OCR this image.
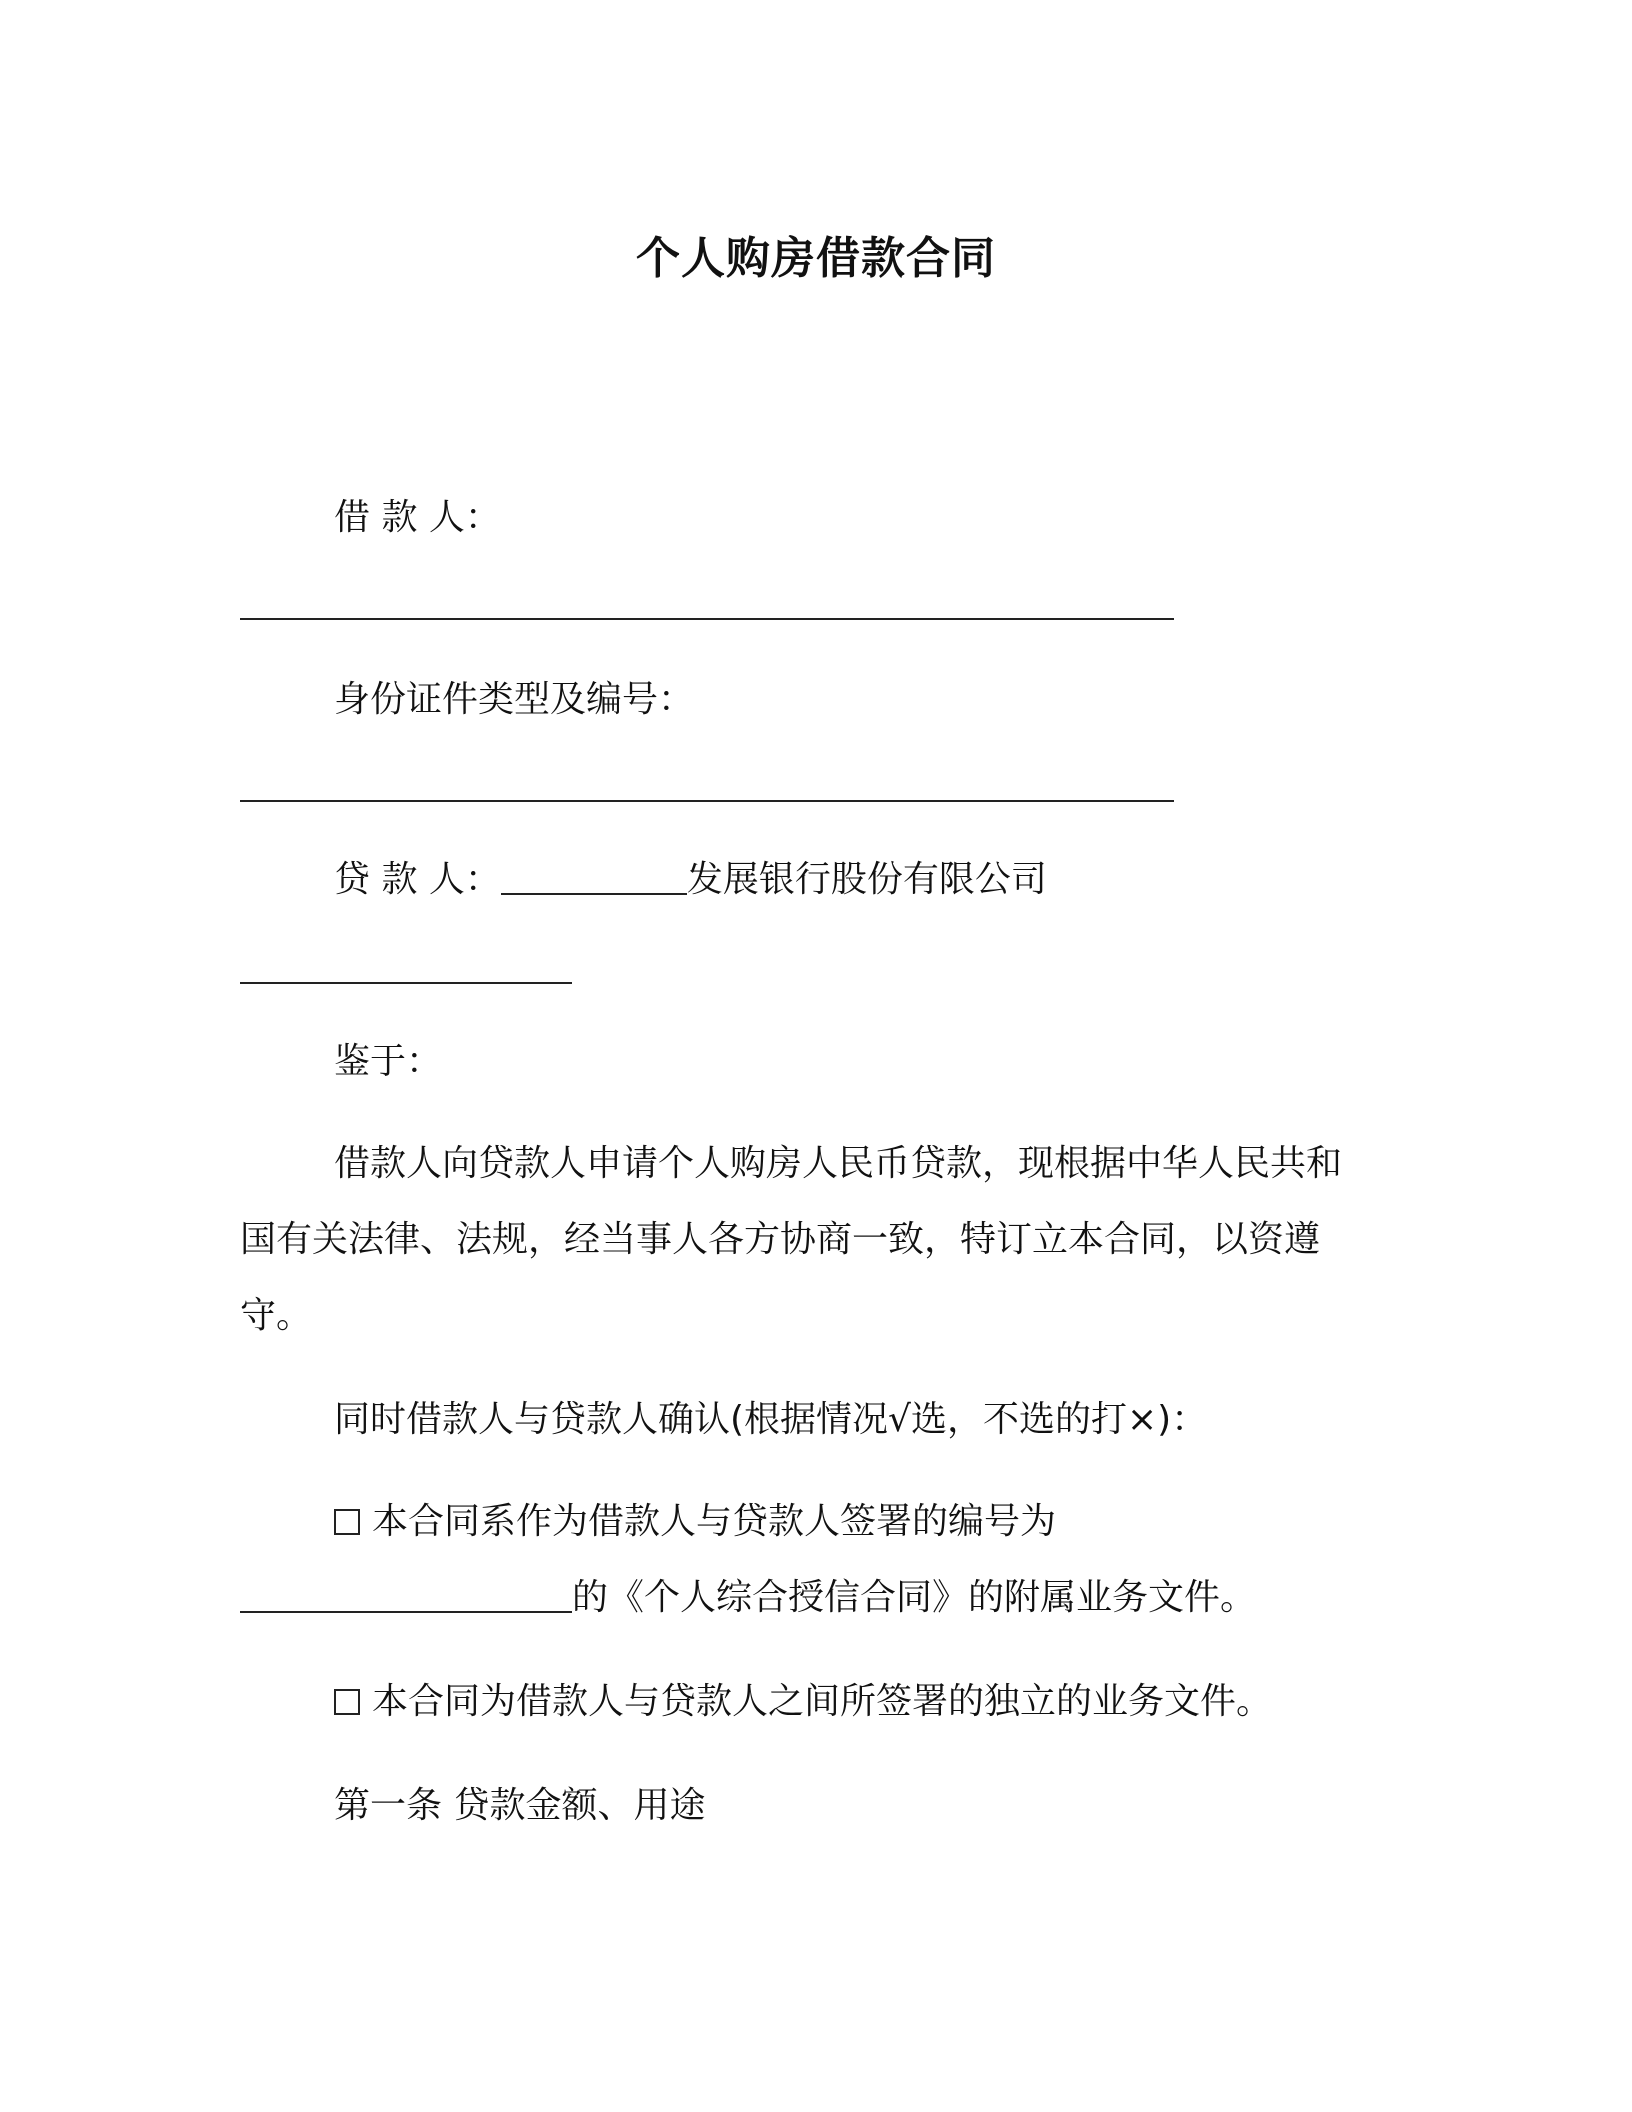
个人购房借款合同
借 款 人：
身份证件类型及编号：
贷 款 人：	发展银行股份有限公司
鉴于：
借款人向贷款人申请个人购房人民币贷款，现根据中华人民共和
国有关法律、法规，经当事人各方协商一致，特订立本合同，以资遵
守。
同时借款人与贷款人确认(根据情况√选，不选的打×)：
本合同系作为借款人与贷款人签署的编号为
的《个人综合授信合同》的附属业务文件。
本合同为借款人与贷款人之间所签署的独立的业务文件。
第一条 贷款金额、用途
